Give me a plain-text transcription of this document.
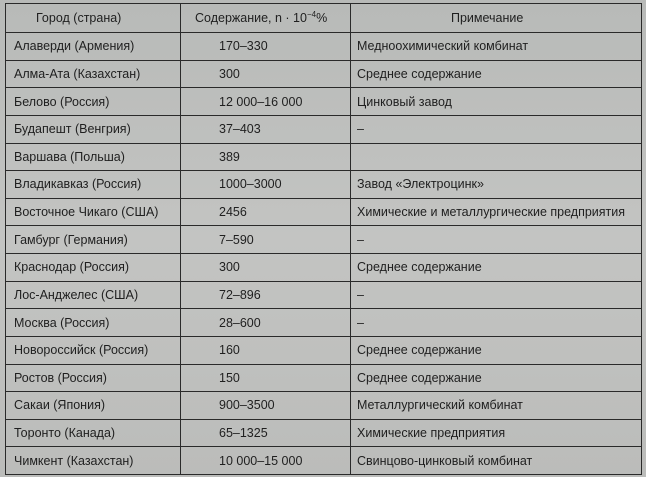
Город (страна)	Содержание, $n \cdot 10^{-4}\%$	Примечание
Алаверди (Армения)	170–330	Медноохимический комбинат
Алма-Ата (Казахстан)	300	Среднее содержание
Белово (Россия)	12 000–16 000	Цинковый завод
Будапешт (Венгрия)	37–403	–
Варшава (Польша)	389	
Владикавказ (Россия)	1000–3000	Завод «Электроцинк»
Восточное Чикаго (США)	2456	Химические и металлургические предприятия
Гамбург (Германия)	7–590	–
Краснодар (Россия)	300	Среднее содержание
Лос-Анджелес (США)	72–896	–
Москва (Россия)	28–600	–
Новороссийск (Россия)	160	Среднее содержание
Ростов (Россия)	150	Среднее содержание
Сакаи (Япония)	900–3500	Металлургический комбинат
Торонто (Канада)	65–1325	Химические предприятия
Чимкент (Казахстан)	10 000–15 000	Свинцово-цинковый комбинат
